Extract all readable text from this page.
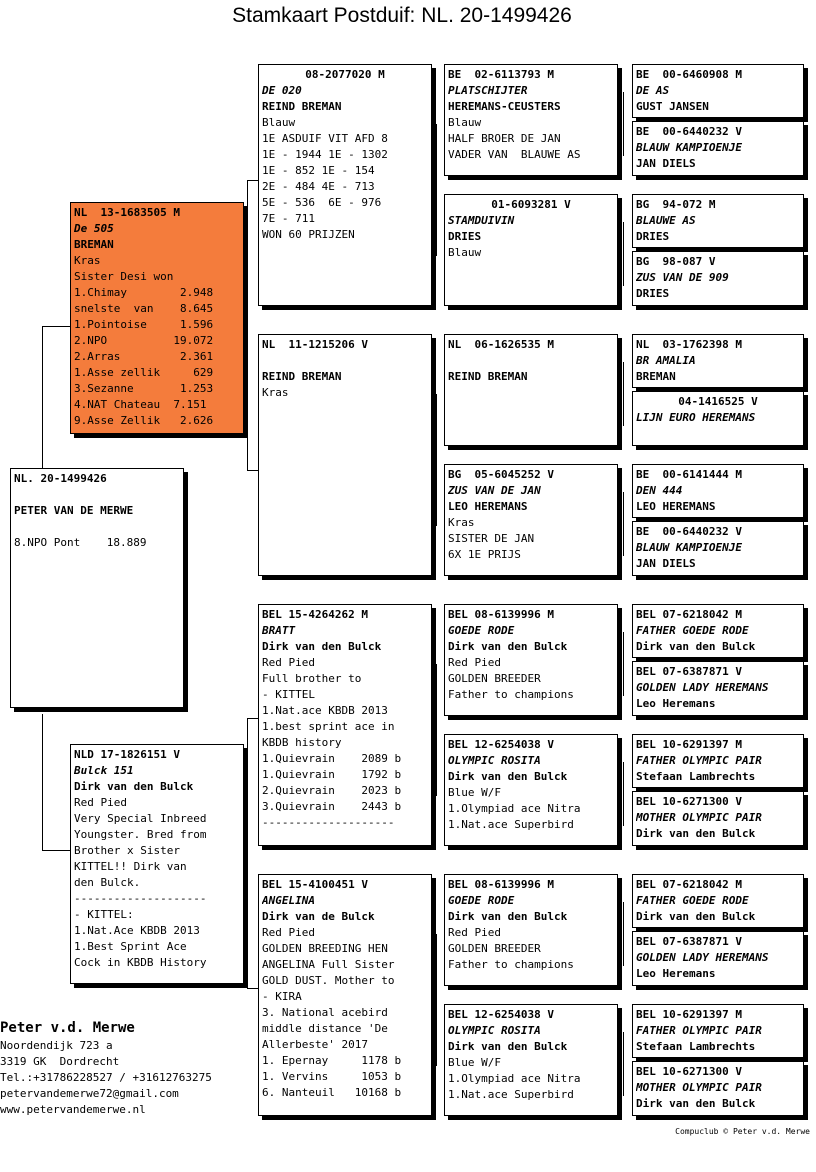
Stamkaart Postduif: NL. 20-1499426
NL. 20-1499426
PETER VAN DE MERWE
8.NPO Pont    18.889
NL  13-1683505 M
De 505
BREMAN
Kras
Sister Desi won
1.Chimay        2.948
snelste  van    8.645
1.Pointoise     1.596
2.NPO          19.072
2.Arras         2.361
1.Asse zellik     629
3.Sezanne       1.253
4.NAT Chateau  7.151
9.Asse Zellik   2.626
NLD 17-1826151 V
Bulck 151
Dirk van den Bulck
Red Pied
Very Special Inbreed
Youngster. Bred from
Brother x Sister
KITTEL!! Dirk van
den Bulck.
--------------------
- KITTEL:
1.Nat.Ace KBDB 2013
1.Best Sprint Ace
Cock in KBDB History
08-2077020 M
DE 020
REIND BREMAN
Blauw
1E ASDUIF VIT AFD 8
1E - 1944 1E - 1302
1E - 852 1E - 154
2E - 484 4E - 713
5E - 536  6E - 976
7E - 711
WON 60 PRIJZEN
NL  11-1215206 V
REIND BREMAN
Kras
BEL 15-4264262 M
BRATT
Dirk van den Bulck
Red Pied
Full brother to
- KITTEL
1.Nat.ace KBDB 2013
1.best sprint ace in
KBDB history
1.Quievrain    2089 b
1.Quievrain    1792 b
2.Quievrain    2023 b
3.Quievrain    2443 b
--------------------
BEL 15-4100451 V
ANGELINA
Dirk van de Bulck
Red Pied
GOLDEN BREEDING HEN
ANGELINA Full Sister
GOLD DUST. Mother to
- KIRA
3. National acebird
middle distance 'De
Allerbeste' 2017
1. Epernay     1178 b
1. Vervins     1053 b
6. Nanteuil   10168 b
BE  02-6113793 M
PLATSCHIJTER
HEREMANS-CEUSTERS
Blauw
HALF BROER DE JAN
VADER VAN  BLAUWE AS
01-6093281 V
STAMDUIVIN
DRIES
Blauw
NL  06-1626535 M
REIND BREMAN
BG  05-6045252 V
ZUS VAN DE JAN
LEO HEREMANS
Kras
SISTER DE JAN
6X 1E PRIJS
BEL 08-6139996 M
GOEDE RODE
Dirk van den Bulck
Red Pied
GOLDEN BREEDER
Father to champions
BEL 12-6254038 V
OLYMPIC ROSITA
Dirk van den Bulck
Blue W/F
1.Olympiad ace Nitra
1.Nat.ace Superbird
BEL 08-6139996 M
GOEDE RODE
Dirk van den Bulck
Red Pied
GOLDEN BREEDER
Father to champions
BEL 12-6254038 V
OLYMPIC ROSITA
Dirk van den Bulck
Blue W/F
1.Olympiad ace Nitra
1.Nat.ace Superbird
BE  00-6460908 M
DE AS
GUST JANSEN
BE  00-6440232 V
BLAUW KAMPIOENJE
JAN DIELS
BG  94-072 M
BLAUWE AS
DRIES
BG  98-087 V
ZUS VAN DE 909
DRIES
NL  03-1762398 M
BR AMALIA
BREMAN
04-1416525 V
LIJN EURO HEREMANS
BE  00-6141444 M
DEN 444
LEO HEREMANS
BE  00-6440232 V
BLAUW KAMPIOENJE
JAN DIELS
BEL 07-6218042 M
FATHER GOEDE RODE
Dirk van den Bulck
BEL 07-6387871 V
GOLDEN LADY HEREMANS
Leo Heremans
BEL 10-6291397 M
FATHER OLYMPIC PAIR
Stefaan Lambrechts
BEL 10-6271300 V
MOTHER OLYMPIC PAIR
Dirk van den Bulck
BEL 07-6218042 M
FATHER GOEDE RODE
Dirk van den Bulck
BEL 07-6387871 V
GOLDEN LADY HEREMANS
Leo Heremans
BEL 10-6291397 M
FATHER OLYMPIC PAIR
Stefaan Lambrechts
BEL 10-6271300 V
MOTHER OLYMPIC PAIR
Dirk van den Bulck
Peter v.d. Merwe
Noordendijk 723 a
3319 GK  Dordrecht
Tel.:+31786228527 / +31612763275
petervandemerwe72@gmail.com
www.petervandemerwe.nl
Compuclub © Peter v.d. Merwe
